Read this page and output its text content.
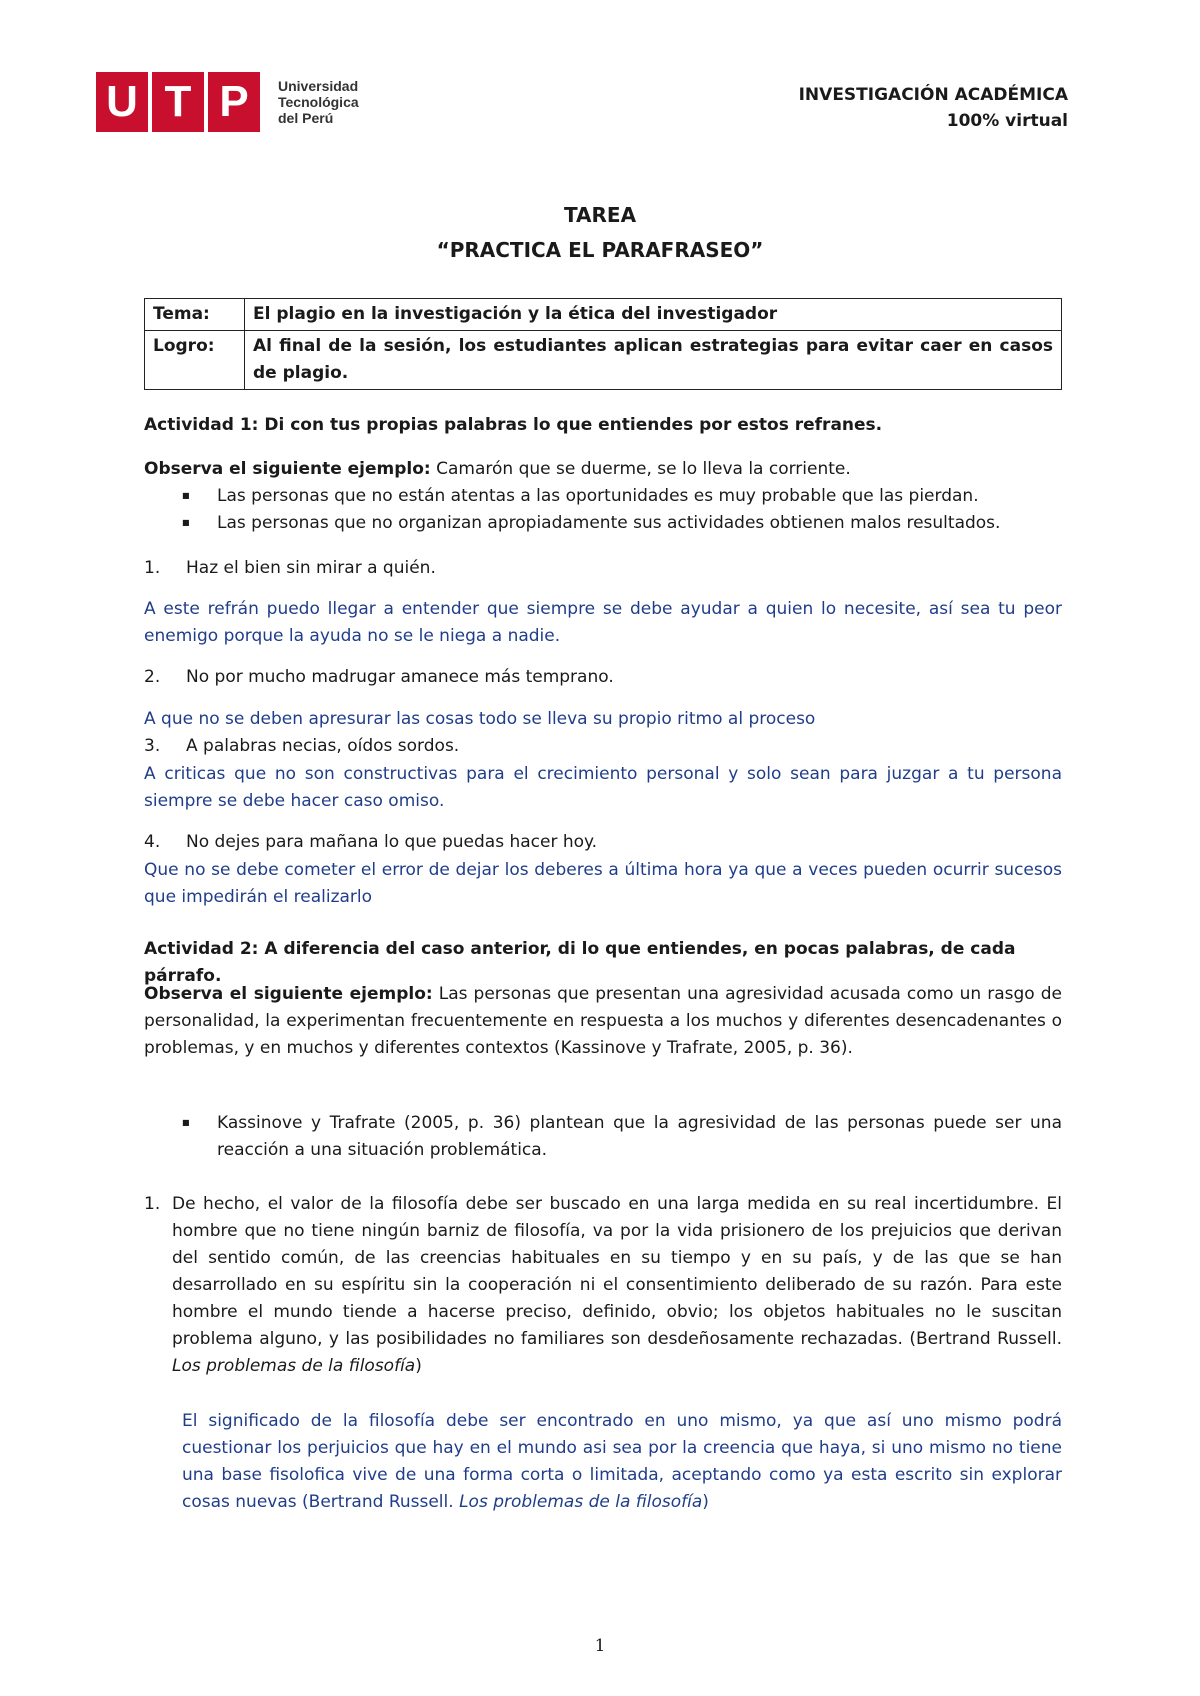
U T P	Universidad
Tecnológica
del Perú
INVESTIGACIÓN ACADÉMICA
100% virtual
TAREA
“PRACTICA EL PARAFRASEO”
Tema:	El plagio en la investigación y la ética del investigador
Logro:	Al final de la sesión, los estudiantes aplican estrategias para evitar caer en casos de plagio.
Actividad 1: Di con tus propias palabras lo que entiendes por estos refranes.
Observa el siguiente ejemplo: Camarón que se duerme, se lo lleva la corriente.
■ Las personas que no están atentas a las oportunidades es muy probable que las pierdan.
■ Las personas que no organizan apropiadamente sus actividades obtienen malos resultados.
1. Haz el bien sin mirar a quién.
A este refrán puedo llegar a entender que siempre se debe ayudar a quien lo necesite, así sea tu peor enemigo porque la ayuda no se le niega a nadie.
2. No por mucho madrugar amanece más temprano.
A que no se deben apresurar las cosas todo se lleva su propio ritmo al proceso
3. A palabras necias, oídos sordos.
A criticas que no son constructivas para el crecimiento personal y solo sean para juzgar a tu persona siempre se debe hacer caso omiso.
4. No dejes para mañana lo que puedas hacer hoy.
Que no se debe cometer el error de dejar los deberes a última hora ya que a veces pueden ocurrir sucesos que impedirán el realizarlo
Actividad 2: A diferencia del caso anterior, di lo que entiendes, en pocas palabras, de cada párrafo.
Observa el siguiente ejemplo: Las personas que presentan una agresividad acusada como un rasgo de personalidad, la experimentan frecuentemente en respuesta a los muchos y diferentes desencadenantes o problemas, y en muchos y diferentes contextos (Kassinove y Trafrate, 2005, p. 36).
■ Kassinove y Trafrate (2005, p. 36) plantean que la agresividad de las personas puede ser una reacción a una situación problemática.
1. De hecho, el valor de la filosofía debe ser buscado en una larga medida en su real incertidumbre. El hombre que no tiene ningún barniz de filosofía, va por la vida prisionero de los prejuicios que derivan del sentido común, de las creencias habituales en su tiempo y en su país, y de las que se han desarrollado en su espíritu sin la cooperación ni el consentimiento deliberado de su razón. Para este hombre el mundo tiende a hacerse preciso, definido, obvio; los objetos habituales no le suscitan problema alguno, y las posibilidades no familiares son desdeñosamente rechazadas. (Bertrand Russell. Los problemas de la filosofía)
El significado de la filosofía debe ser encontrado en uno mismo, ya que así uno mismo podrá cuestionar los perjuicios que hay en el mundo asi sea por la creencia que haya, si uno mismo no tiene una base fisolofica vive de una forma corta o limitada, aceptando como ya esta escrito sin explorar cosas nuevas (Bertrand Russell. Los problemas de la filosofía)
1
